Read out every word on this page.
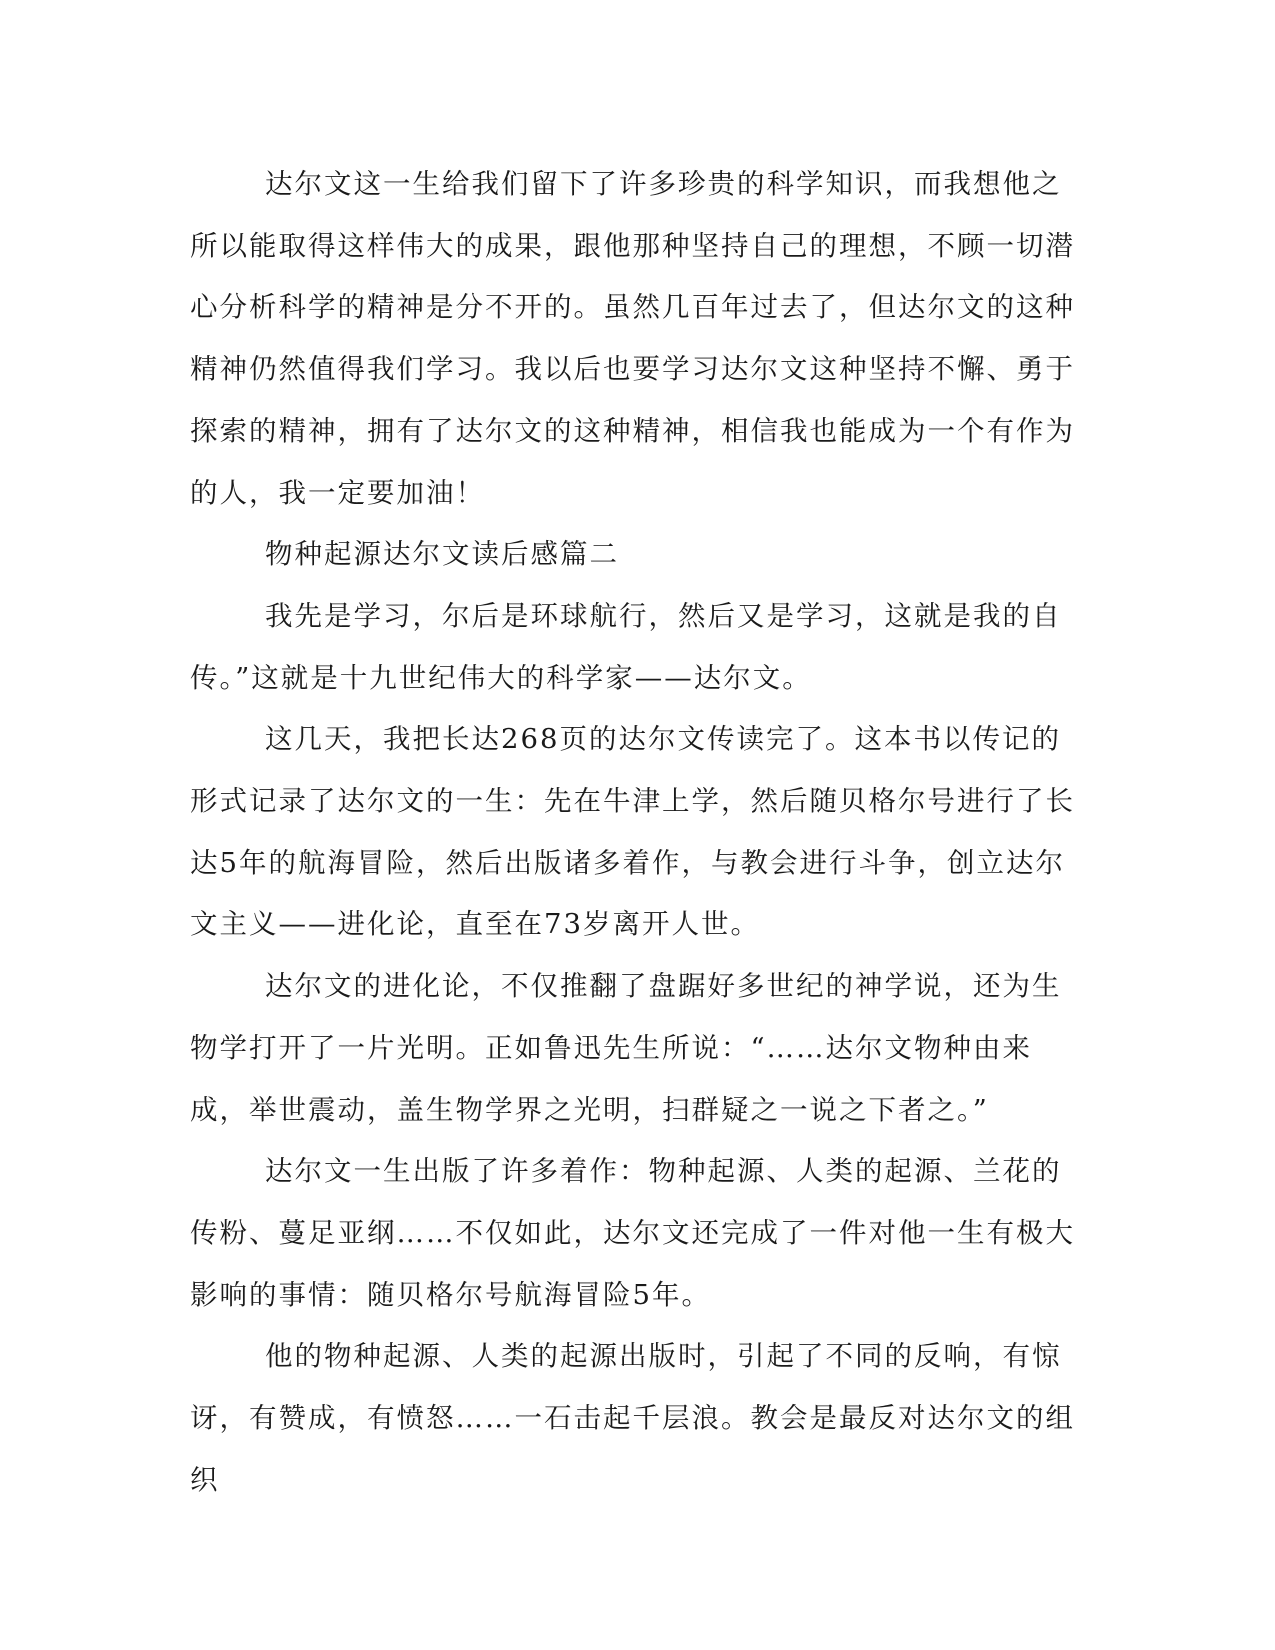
达尔文这一生给我们留下了许多珍贵的科学知识，而我想他之所以能取得这样伟大的成果，跟他那种坚持自己的理想，不顾一切潜心分析科学的精神是分不开的。虽然几百年过去了，但达尔文的这种精神仍然值得我们学习。我以后也要学习达尔文这种坚持不懈、勇于探索的精神，拥有了达尔文的这种精神，相信我也能成为一个有作为的人，我一定要加油！

物种起源达尔文读后感篇二

我先是学习，尔后是环球航行，然后又是学习，这就是我的自传。”这就是十九世纪伟大的科学家——达尔文。

这几天，我把长达268页的达尔文传读完了。这本书以传记的形式记录了达尔文的一生：先在牛津上学，然后随贝格尔号进行了长达5年的航海冒险，然后出版诸多着作，与教会进行斗争，创立达尔文主义——进化论，直至在73岁离开人世。

达尔文的进化论，不仅推翻了盘踞好多世纪的神学说，还为生物学打开了一片光明。正如鲁迅先生所说：“……达尔文物种由来成，举世震动，盖生物学界之光明，扫群疑之一说之下者之。”

达尔文一生出版了许多着作：物种起源、人类的起源、兰花的传粉、蔓足亚纲……不仅如此，达尔文还完成了一件对他一生有极大影响的事情：随贝格尔号航海冒险5年。

他的物种起源、人类的起源出版时，引起了不同的反响，有惊讶，有赞成，有愤怒……一石击起千层浪。教会是最反对达尔文的组织
